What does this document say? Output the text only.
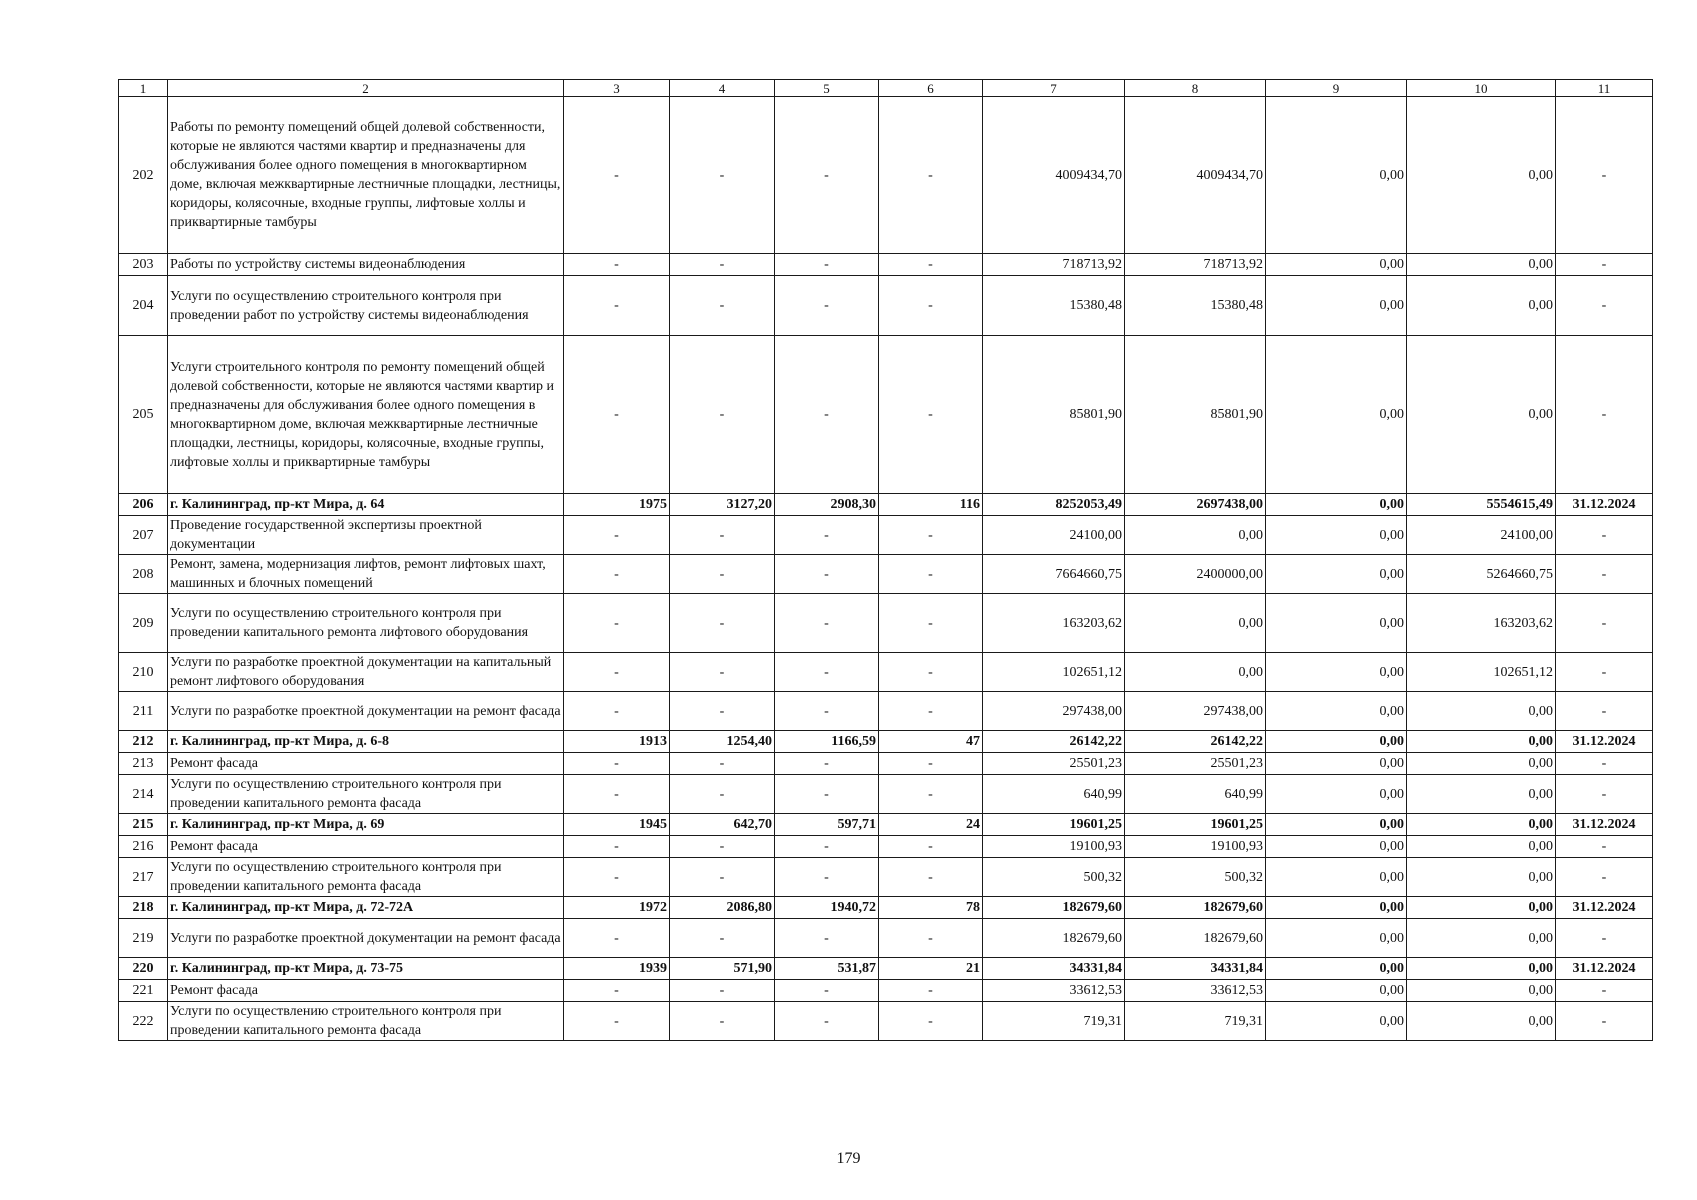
1	2	3	4	5	6	7	8	9	10	11
202	Работы по ремонту помещений общей долевой собственности, которые не являются частями квартир и предназначены для обслуживания более одного помещения в многоквартирном доме, включая межквартирные лестничные площадки, лестницы, коридоры, колясочные, входные группы, лифтовые холлы и приквартирные тамбуры	-	-	-	-	4009434,70	4009434,70	0,00	0,00	-
203	Работы по устройству системы видеонаблюдения	-	-	-	-	718713,92	718713,92	0,00	0,00	-
204	Услуги по осуществлению строительного контроля при проведении работ по устройству системы видеонаблюдения	-	-	-	-	15380,48	15380,48	0,00	0,00	-
205	Услуги строительного контроля по ремонту помещений общей долевой собственности, которые не являются частями квартир и предназначены для обслуживания более одного помещения в многоквартирном доме, включая межквартирные лестничные площадки, лестницы, коридоры, колясочные, входные группы, лифтовые холлы и приквартирные тамбуры	-	-	-	-	85801,90	85801,90	0,00	0,00	-
206	г. Калининград, пр-кт Мира, д. 64	1975	3127,20	2908,30	116	8252053,49	2697438,00	0,00	5554615,49	31.12.2024
207	Проведение государственной экспертизы проектной документации	-	-	-	-	24100,00	0,00	0,00	24100,00	-
208	Ремонт, замена, модернизация лифтов, ремонт лифтовых шахт, машинных и блочных помещений	-	-	-	-	7664660,75	2400000,00	0,00	5264660,75	-
209	Услуги по осуществлению строительного контроля при проведении капитального ремонта лифтового оборудования	-	-	-	-	163203,62	0,00	0,00	163203,62	-
210	Услуги по разработке проектной документации на капитальный ремонт лифтового оборудования	-	-	-	-	102651,12	0,00	0,00	102651,12	-
211	Услуги по разработке проектной документации на ремонт фасада	-	-	-	-	297438,00	297438,00	0,00	0,00	-
212	г. Калининград, пр-кт Мира, д. 6-8	1913	1254,40	1166,59	47	26142,22	26142,22	0,00	0,00	31.12.2024
213	Ремонт фасада	-	-	-	-	25501,23	25501,23	0,00	0,00	-
214	Услуги по осуществлению строительного контроля при проведении капитального ремонта фасада	-	-	-	-	640,99	640,99	0,00	0,00	-
215	г. Калининград, пр-кт Мира, д. 69	1945	642,70	597,71	24	19601,25	19601,25	0,00	0,00	31.12.2024
216	Ремонт фасада	-	-	-	-	19100,93	19100,93	0,00	0,00	-
217	Услуги по осуществлению строительного контроля при проведении капитального ремонта фасада	-	-	-	-	500,32	500,32	0,00	0,00	-
218	г. Калининград, пр-кт Мира, д. 72-72А	1972	2086,80	1940,72	78	182679,60	182679,60	0,00	0,00	31.12.2024
219	Услуги по разработке проектной документации на ремонт фасада	-	-	-	-	182679,60	182679,60	0,00	0,00	-
220	г. Калининград, пр-кт Мира, д. 73-75	1939	571,90	531,87	21	34331,84	34331,84	0,00	0,00	31.12.2024
221	Ремонт фасада	-	-	-	-	33612,53	33612,53	0,00	0,00	-
222	Услуги по осуществлению строительного контроля при проведении капитального ремонта фасада	-	-	-	-	719,31	719,31	0,00	0,00	-
179
